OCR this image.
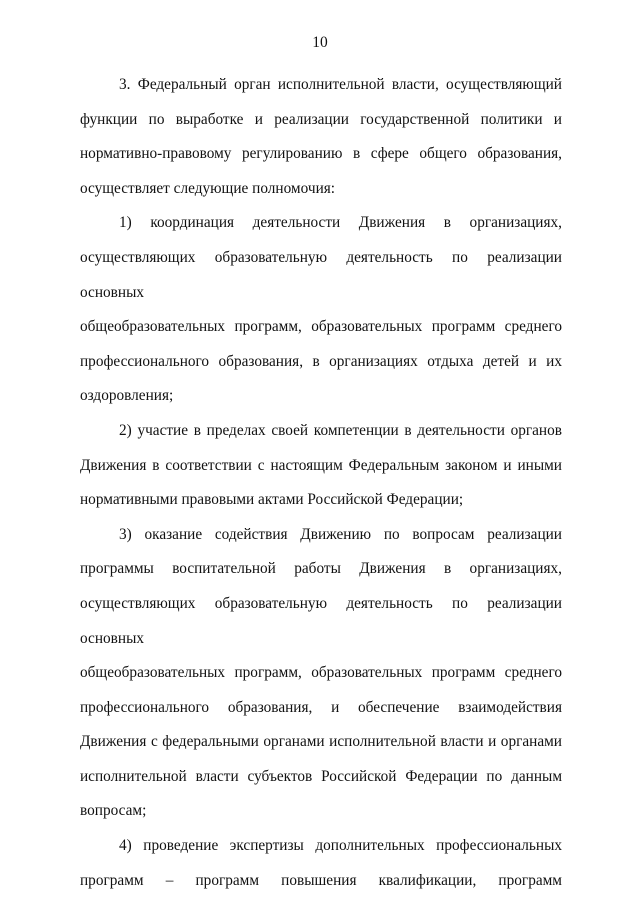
10
3. Федеральный орган исполнительной власти, осуществляющий
функции по выработке и реализации государственной политики и
нормативно-правовому регулированию в сфере общего образования,
осуществляет следующие полномочия:
1) координация деятельности Движения в организациях,
осуществляющих образовательную деятельность по реализации основных
общеобразовательных программ, образовательных программ среднего
профессионального образования, в организациях отдыха детей и их
оздоровления;
2) участие в пределах своей компетенции в деятельности органов
Движения в соответствии с настоящим Федеральным законом и иными
нормативными правовыми актами Российской Федерации;
3) оказание содействия Движению по вопросам реализации
программы воспитательной работы Движения в организациях,
осуществляющих образовательную деятельность по реализации основных
общеобразовательных программ, образовательных программ среднего
профессионального образования, и обеспечение взаимодействия
Движения с федеральными органами исполнительной власти и органами
исполнительной власти субъектов Российской Федерации по данным
вопросам;
4) проведение экспертизы дополнительных профессиональных
программ – программ повышения квалификации, программ
